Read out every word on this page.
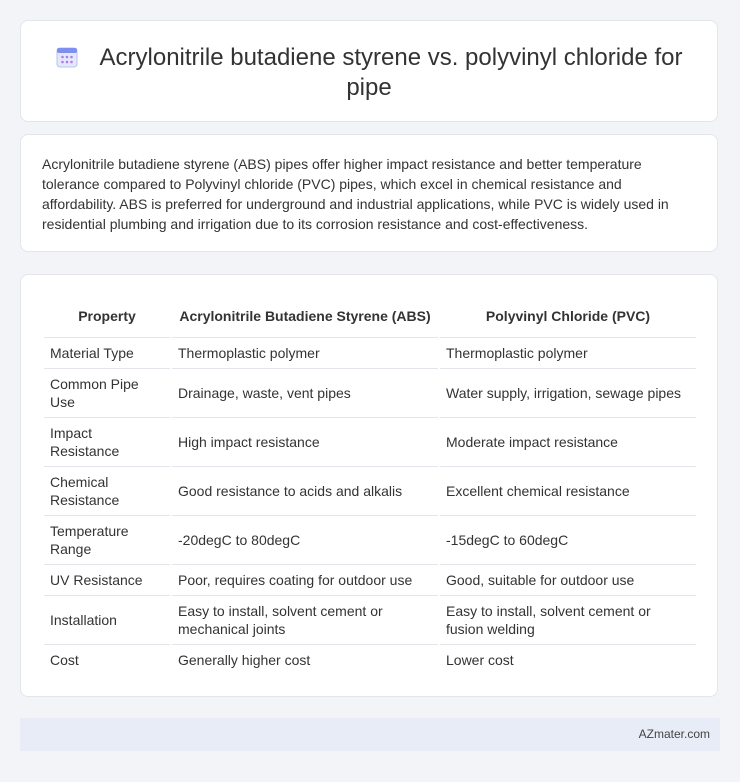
Acrylonitrile butadiene styrene vs. polyvinyl chloride for pipe

Acrylonitrile butadiene styrene (ABS) pipes offer higher impact resistance and better temperature tolerance compared to Polyvinyl chloride (PVC) pipes, which excel in chemical resistance and affordability. ABS is preferred for underground and industrial applications, while PVC is widely used in residential plumbing and irrigation due to its corrosion resistance and cost-effectiveness.

Property	Acrylonitrile Butadiene Styrene (ABS)	Polyvinyl Chloride (PVC)
Material Type	Thermoplastic polymer	Thermoplastic polymer
Common Pipe Use	Drainage, waste, vent pipes	Water supply, irrigation, sewage pipes
Impact Resistance	High impact resistance	Moderate impact resistance
Chemical Resistance	Good resistance to acids and alkalis	Excellent chemical resistance
Temperature Range	-20degC to 80degC	-15degC to 60degC
UV Resistance	Poor, requires coating for outdoor use	Good, suitable for outdoor use
Installation	Easy to install, solvent cement or mechanical joints	Easy to install, solvent cement or fusion welding
Cost	Generally higher cost	Lower cost
AZmater.com
